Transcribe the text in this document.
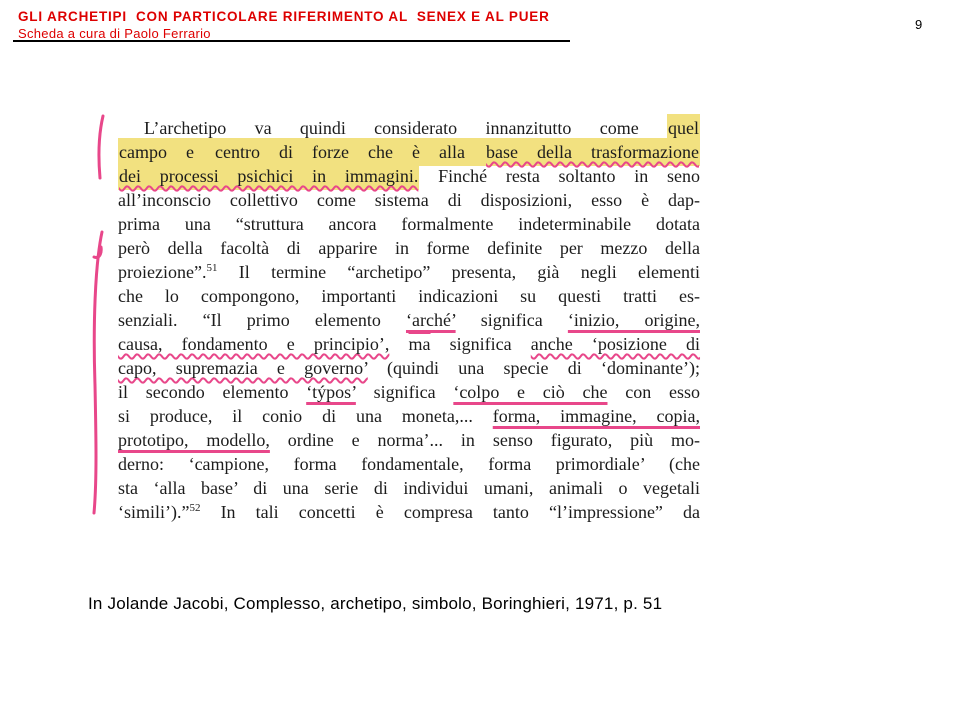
GLI ARCHETIPI  CON PARTICOLARE RIFERIMENTO AL  SENEX E AL PUER
Scheda a cura di Paolo Ferrario
9
L’archetipo va quindi considerato innanzitutto come quel
campo e centro di forze che è alla base della trasformazione
dei processi psichici in immagini. Finché resta soltanto in seno
all’inconscio collettivo come sistema di disposizioni, esso è dap-
prima una “struttura ancora formalmente indeterminabile dotata
però della facoltà di apparire in forme definite per mezzo della
proiezione”.$^{51}$ Il termine “archetipo” presenta, già negli elementi
che lo compongono, importanti indicazioni su questi tratti es-
senziali. “Il primo elemento ‘arché’ significa ‘inizio, origine,
causa, fondamento e principio’, $\overline{ma}$ significa anche ‘posizione di
capo, supremazia e governo’ (quindi una specie di ‘dominante’);
il secondo elemento ‘týpos’ significa ‘colpo e ciò che con esso
si produce, il conio di una moneta,... forma, immagine, copia,
prototipo, modello, ordine e norma’... in senso figurato, più mo-
derno: ‘campione, forma fondamentale, forma primordiale’ (che
sta ‘alla base’ di una serie di individui umani, animali o vegetali
‘simili’).”$^{52}$ In tali concetti è compresa tanto “l’impressione” da
In Jolande Jacobi, Complesso, archetipo, simbolo, Boringhieri, 1971, p. 51
